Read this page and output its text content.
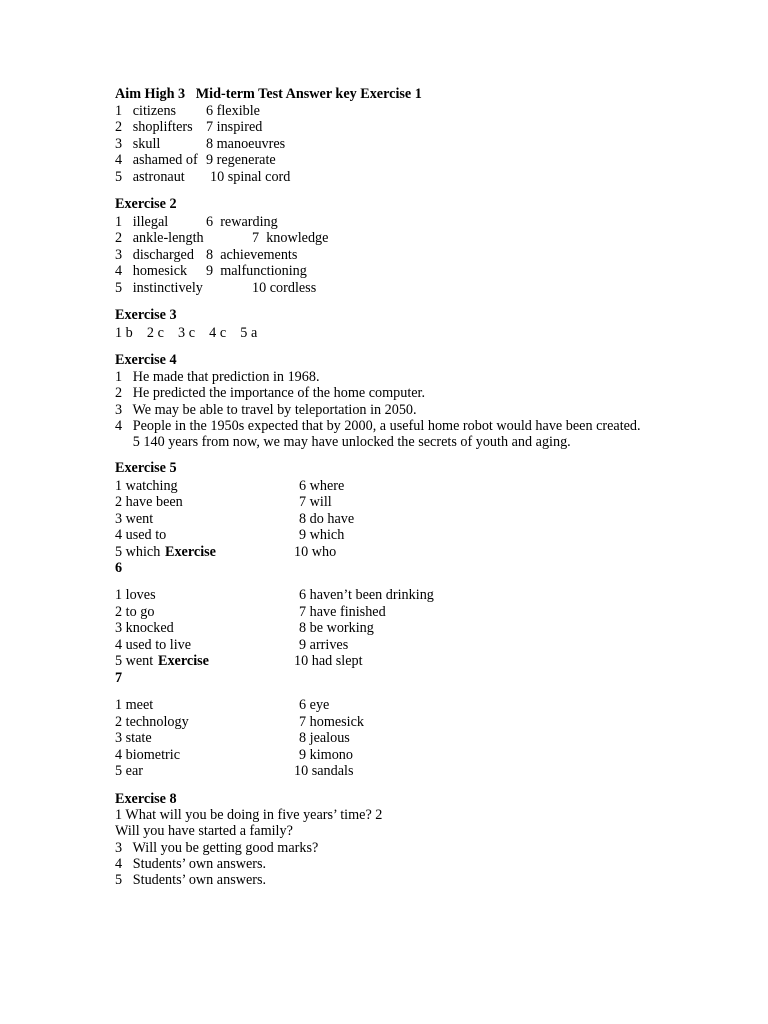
Aim High 3   Mid-term Test Answer key Exercise 1
1   citizens 6 flexible
2   shoplifters 7 inspired
3   skull	8 manoeuvres
4   ashamed of 9 regenerate
5   astronaut 10 spinal cord
Exercise 2
1   illegal	6  rewarding
2   ankle-length	7  knowledge
3   discharged 8  achievements
4   homesick 9  malfunctioning
5   instinctively	10 cordless
Exercise 3
1 b    2 c    3 c    4 c    5 a
Exercise 4
1   He made that prediction in 1968.
2   He predicted the importance of the home computer.
3   We may be able to travel by teleportation in 2050.
4   People in the 1950s expected that by 2000, a useful home robot would have been created.
5 140 years from now, we may have unlocked the secrets of youth and aging.
Exercise 5
1 watching	6 where
2 have been	7 will
3 went	8 do have
4 used to	9 which
5 which Exercise	10 who
6
1 loves	6 haven’t been drinking
2 to go	7 have finished
3 knocked	8 be working
4 used to live	9 arrives
5 went Exercise	10 had slept
7
1 meet	6 eye
2 technology	7 homesick
3 state	8 jealous
4 biometric	9 kimono
5 ear	10 sandals
Exercise 8
1 What will you be doing in five years’ time? 2
Will you have started a family?
3   Will you be getting good marks?
4   Students’ own answers.
5   Students’ own answers.
